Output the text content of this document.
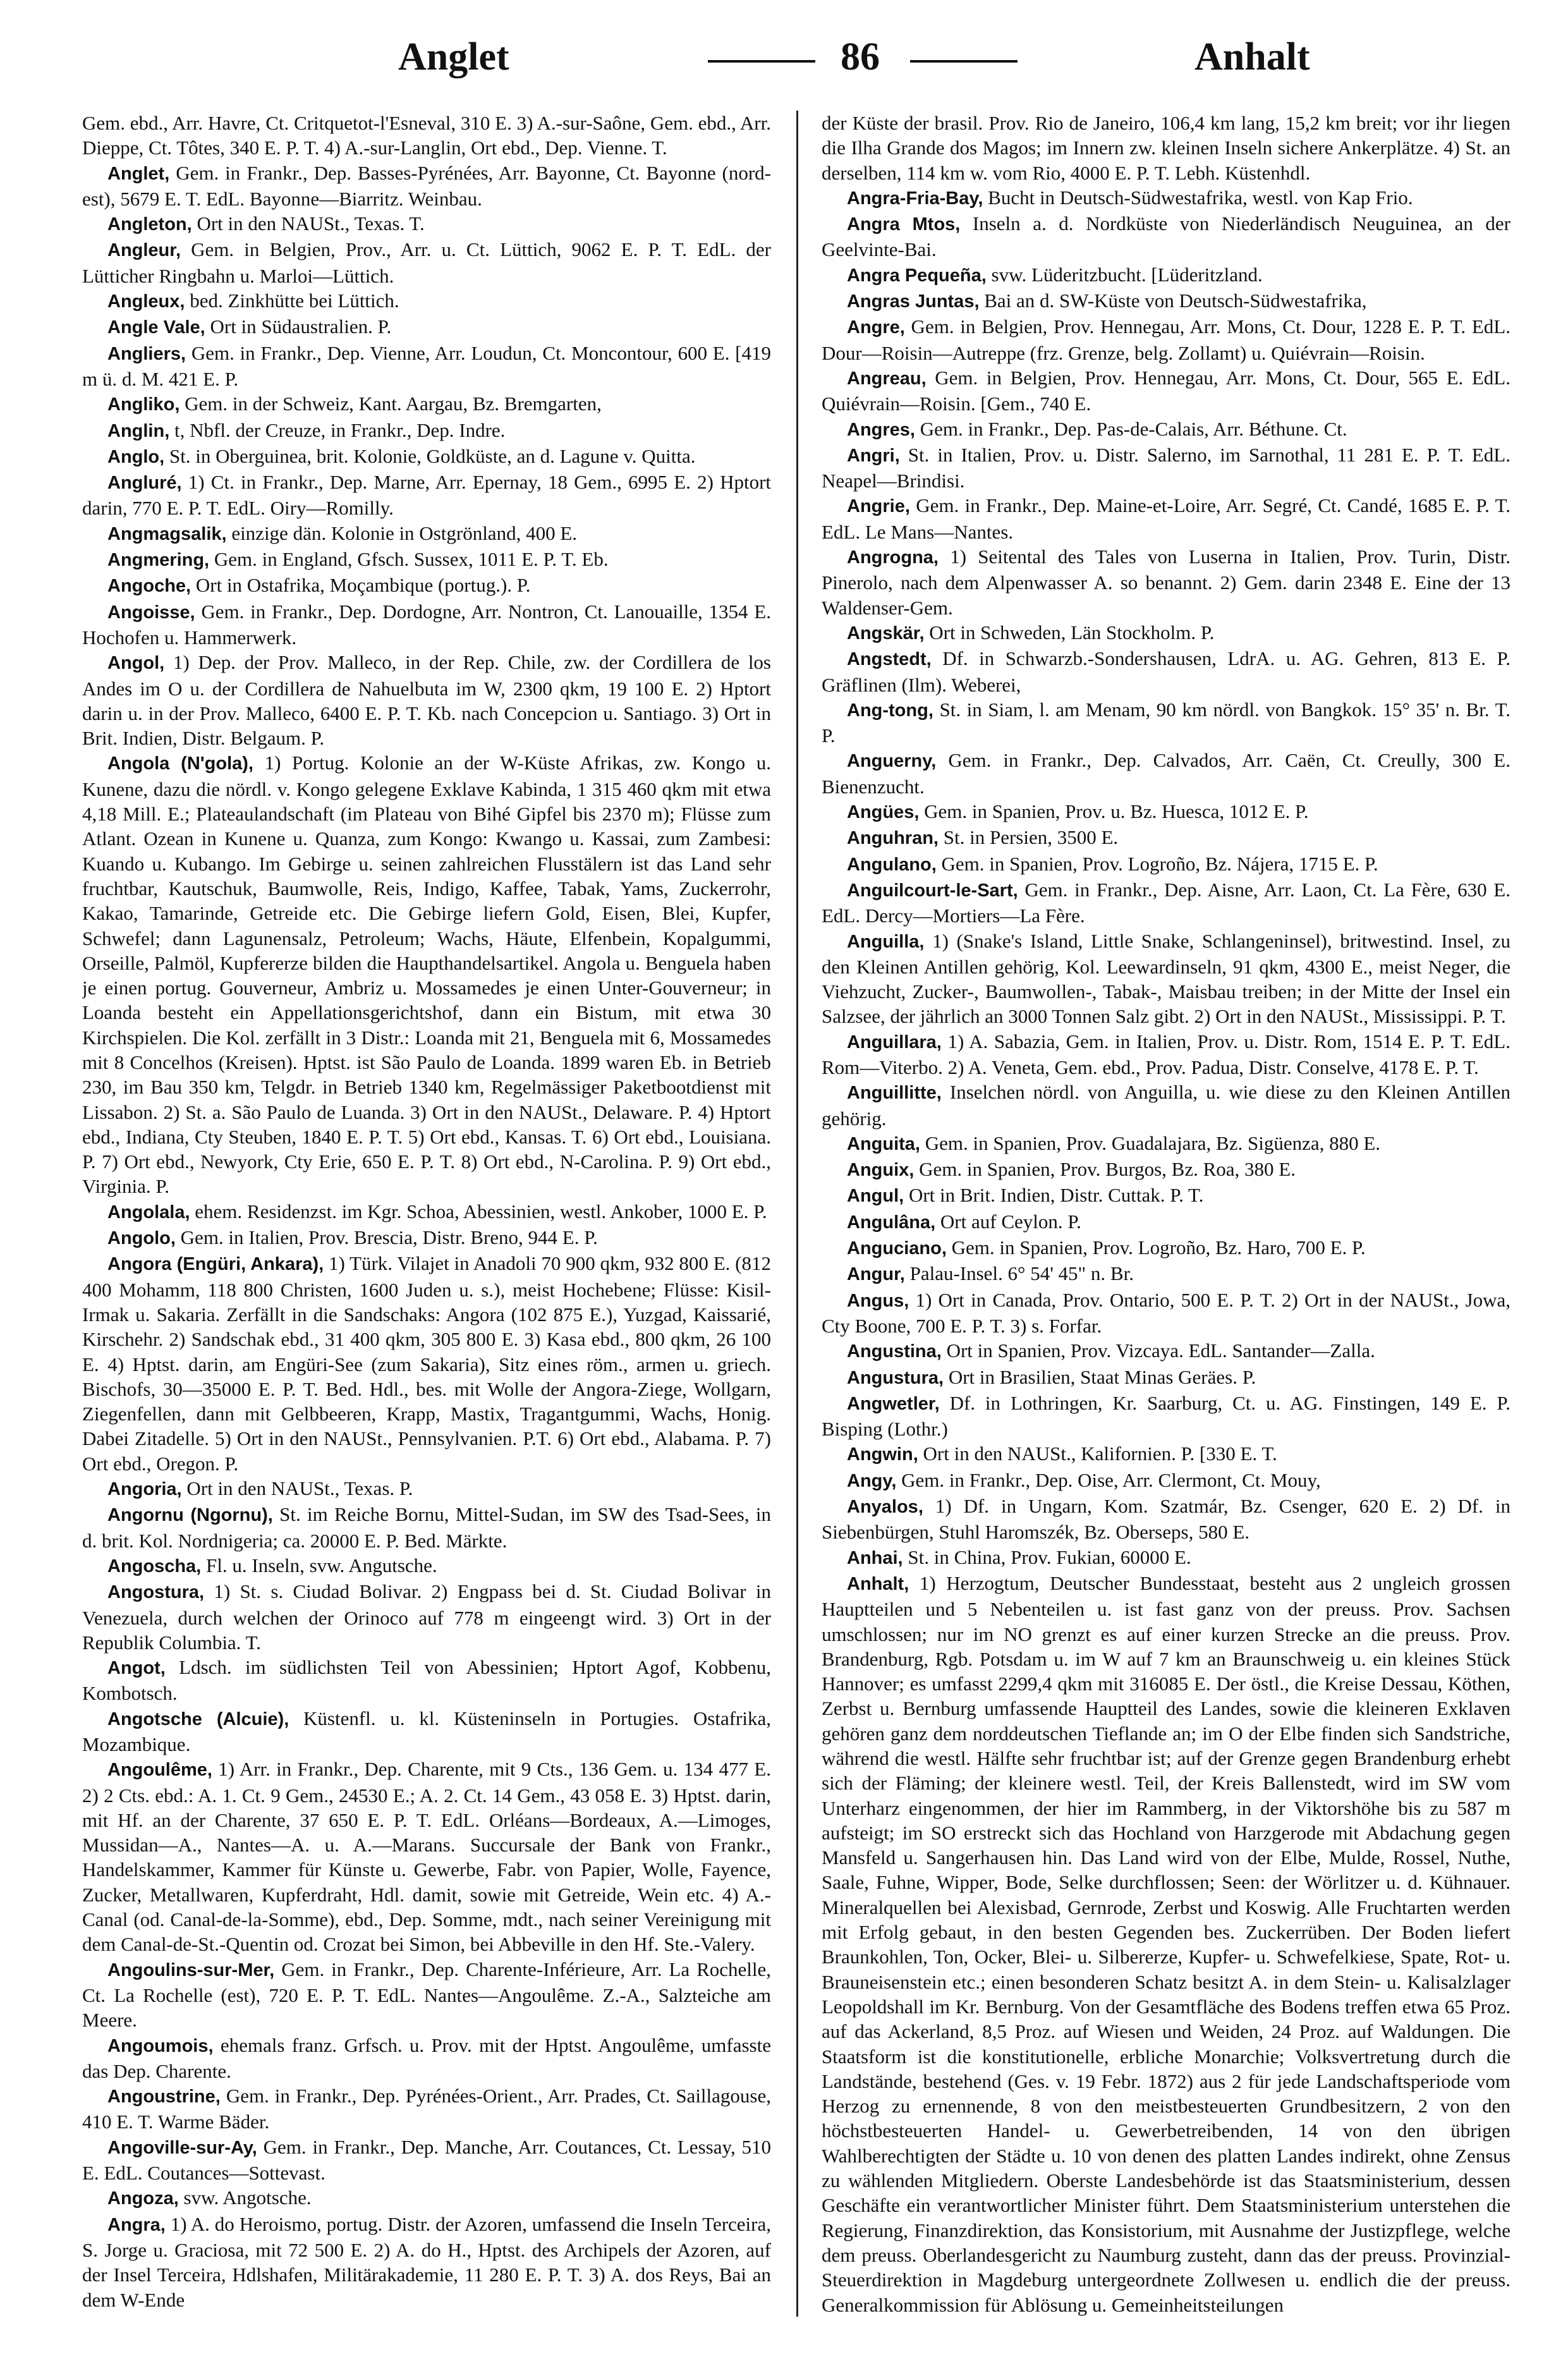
Anglet	86	Anhalt

Gem. ebd., Arr. Havre, Ct. Critquetot-l'Esneval, 310 E. 3) A.-sur-Saône, Gem. ebd., Arr. Dieppe, Ct. Tôtes, 340 E. P. T. 4) A.-sur-Langlin, Ort ebd., Dep. Vienne. T.

Anglet, Gem. in Frankr., Dep. Basses-Pyrénées, Arr. Bayonne, Ct. Bayonne (nord-est), 5679 E. T. EdL. Bayonne—Biarritz. Weinbau.

Angleton, Ort in den NAUSt., Texas. T.

Angleur, Gem. in Belgien, Prov., Arr. u. Ct. Lüttich, 9062 E. P. T. EdL. der Lütticher Ringbahn u. Marloi—Lüttich.

Angleux, bed. Zinkhütte bei Lüttich.

Angle Vale, Ort in Südaustralien. P.

Angliers, Gem. in Frankr., Dep. Vienne, Arr. Loudun, Ct. Moncontour, 600 E. [419 m ü. d. M. 421 E. P.

Angliko, Gem. in der Schweiz, Kant. Aargau, Bz. Bremgarten,

Anglin, t, Nbfl. der Creuze, in Frankr., Dep. Indre.

Anglo, St. in Oberguinea, brit. Kolonie, Goldküste, an d. Lagune v. Quitta.

Angluré, 1) Ct. in Frankr., Dep. Marne, Arr. Epernay, 18 Gem., 6995 E. 2) Hptort darin, 770 E. P. T. EdL. Oiry—Romilly.

Angmagsalik, einzige dän. Kolonie in Ostgrönland, 400 E.

Angmering, Gem. in England, Gfsch. Sussex, 1011 E. P. T. Eb.

Angoche, Ort in Ostafrika, Moçambique (portug.). P.

Angoisse, Gem. in Frankr., Dep. Dordogne, Arr. Nontron, Ct. Lanouaille, 1354 E. Hochofen u. Hammerwerk.

Angol, 1) Dep. der Prov. Malleco, in der Rep. Chile, zw. der Cordillera de los Andes im O u. der Cordillera de Nahuelbuta im W, 2300 qkm, 19 100 E. 2) Hptort darin u. in der Prov. Malleco, 6400 E. P. T. Kb. nach Concepcion u. Santiago. 3) Ort in Brit. Indien, Distr. Belgaum. P.

Angola (N'gola), 1) Portug. Kolonie an der W-Küste Afrikas, zw. Kongo u. Kunene, dazu die nördl. v. Kongo gelegene Exklave Kabinda, 1 315 460 qkm mit etwa 4,18 Mill. E.; Plateaulandschaft (im Plateau von Bihé Gipfel bis 2370 m); Flüsse zum Atlant. Ozean in Kunene u. Quanza, zum Kongo: Kwango u. Kassai, zum Zambesi: Kuando u. Kubango. Im Gebirge u. seinen zahlreichen Flusstälern ist das Land sehr fruchtbar, Kautschuk, Baumwolle, Reis, Indigo, Kaffee, Tabak, Yams, Zuckerrohr, Kakao, Tamarinde, Getreide etc. Die Gebirge liefern Gold, Eisen, Blei, Kupfer, Schwefel; dann Lagunensalz, Petroleum; Wachs, Häute, Elfenbein, Kopalgummi, Orseille, Palmöl, Kupfererze bilden die Haupthandelsartikel. Angola u. Benguela haben je einen portug. Gouverneur, Ambriz u. Mossamedes je einen Unter-Gouverneur; in Loanda besteht ein Appellationsgerichtshof, dann ein Bistum, mit etwa 30 Kirchspielen. Die Kol. zerfällt in 3 Distr.: Loanda mit 21, Benguela mit 6, Mossamedes mit 8 Concelhos (Kreisen). Hptst. ist São Paulo de Loanda. 1899 waren Eb. in Betrieb 230, im Bau 350 km, Telgdr. in Betrieb 1340 km, Regelmässiger Paketbootdienst mit Lissabon. 2) St. a. São Paulo de Luanda. 3) Ort in den NAUSt., Delaware. P. 4) Hptort ebd., Indiana, Cty Steuben, 1840 E. P. T. 5) Ort ebd., Kansas. T. 6) Ort ebd., Louisiana. P. 7) Ort ebd., Newyork, Cty Erie, 650 E. P. T. 8) Ort ebd., N-Carolina. P. 9) Ort ebd., Virginia. P.

Angolala, ehem. Residenzst. im Kgr. Schoa, Abessinien, westl. Ankober, 1000 E. P.

Angolo, Gem. in Italien, Prov. Brescia, Distr. Breno, 944 E. P.

Angora (Engüri, Ankara), 1) Türk. Vilajet in Anadoli 70 900 qkm, 932 800 E. (812 400 Mohamm, 118 800 Christen, 1600 Juden u. s.), meist Hochebene; Flüsse: Kisil-Irmak u. Sakaria. Zerfällt in die Sandschaks: Angora (102 875 E.), Yuzgad, Kaissarié, Kirschehr. 2) Sandschak ebd., 31 400 qkm, 305 800 E. 3) Kasa ebd., 800 qkm, 26 100 E. 4) Hptst. darin, am Engüri-See (zum Sakaria), Sitz eines röm., armen u. griech. Bischofs, 30—35000 E. P. T. Bed. Hdl., bes. mit Wolle der Angora-Ziege, Wollgarn, Ziegenfellen, dann mit Gelbbeeren, Krapp, Mastix, Tragantgummi, Wachs, Honig. Dabei Zitadelle. 5) Ort in den NAUSt., Pennsylvanien. P.T. 6) Ort ebd., Alabama. P. 7) Ort ebd., Oregon. P.

Angoria, Ort in den NAUSt., Texas. P.

Angornu (Ngornu), St. im Reiche Bornu, Mittel-Sudan, im SW des Tsad-Sees, in d. brit. Kol. Nordnigeria; ca. 20000 E. P. Bed. Märkte.

Angoscha, Fl. u. Inseln, svw. Angutsche.

Angostura, 1) St. s. Ciudad Bolivar. 2) Engpass bei d. St. Ciudad Bolivar in Venezuela, durch welchen der Orinoco auf 778 m eingeengt wird. 3) Ort in der Republik Columbia. T.

Angot, Ldsch. im südlichsten Teil von Abessinien; Hptort Agof, Kobbenu, Kombotsch.

Angotsche (Alcuie), Küstenfl. u. kl. Küsteninseln in Portugies. Ostafrika, Mozambique.

Angoulême, 1) Arr. in Frankr., Dep. Charente, mit 9 Cts., 136 Gem. u. 134 477 E. 2) 2 Cts. ebd.: A. 1. Ct. 9 Gem., 24530 E.; A. 2. Ct. 14 Gem., 43 058 E. 3) Hptst. darin, mit Hf. an der Charente, 37 650 E. P. T. EdL. Orléans—Bordeaux, A.—Limoges, Mussidan—A., Nantes—A. u. A.—Marans. Succursale der Bank von Frankr., Handelskammer, Kammer für Künste u. Gewerbe, Fabr. von Papier, Wolle, Fayence, Zucker, Metallwaren, Kupferdraht, Hdl. damit, sowie mit Getreide, Wein etc. 4) A.-Canal (od. Canal-de-la-Somme), ebd., Dep. Somme, mdt., nach seiner Vereinigung mit dem Canal-de-St.-Quentin od. Crozat bei Simon, bei Abbeville in den Hf. Ste.-Valery.

Angoulins-sur-Mer, Gem. in Frankr., Dep. Charente-Inférieure, Arr. La Rochelle, Ct. La Rochelle (est), 720 E. P. T. EdL. Nantes—Angoulême. Z.-A., Salzteiche am Meere.

Angoumois, ehemals franz. Grfsch. u. Prov. mit der Hptst. Angoulême, umfasste das Dep. Charente.

Angoustrine, Gem. in Frankr., Dep. Pyrénées-Orient., Arr. Prades, Ct. Saillagouse, 410 E. T. Warme Bäder.

Angoville-sur-Ay, Gem. in Frankr., Dep. Manche, Arr. Coutances, Ct. Lessay, 510 E. EdL. Coutances—Sottevast.

Angoza, svw. Angotsche.

Angra, 1) A. do Heroismo, portug. Distr. der Azoren, umfassend die Inseln Terceira, S. Jorge u. Graciosa, mit 72 500 E. 2) A. do H., Hptst. des Archipels der Azoren, auf der Insel Terceira, Hdlshafen, Militärakademie, 11 280 E. P. T. 3) A. dos Reys, Bai an dem W-Ende

der Küste der brasil. Prov. Rio de Janeiro, 106,4 km lang, 15,2 km breit; vor ihr liegen die Ilha Grande dos Magos; im Innern zw. kleinen Inseln sichere Ankerplätze. 4) St. an derselben, 114 km w. vom Rio, 4000 E. P. T. Lebh. Küstenhdl.

Angra-Fria-Bay, Bucht in Deutsch-Südwestafrika, westl. von Kap Frio.

Angra Mtos, Inseln a. d. Nordküste von Niederländisch Neuguinea, an der Geelvinte-Bai.

Angra Pequeña, svw. Lüderitzbucht. [Lüderitzland.

Angras Juntas, Bai an d. SW-Küste von Deutsch-Südwestafrika,

Angre, Gem. in Belgien, Prov. Hennegau, Arr. Mons, Ct. Dour, 1228 E. P. T. EdL. Dour—Roisin—Autreppe (frz. Grenze, belg. Zollamt) u. Quiévrain—Roisin.

Angreau, Gem. in Belgien, Prov. Hennegau, Arr. Mons, Ct. Dour, 565 E. EdL. Quiévrain—Roisin. [Gem., 740 E.

Angres, Gem. in Frankr., Dep. Pas-de-Calais, Arr. Béthune. Ct.

Angri, St. in Italien, Prov. u. Distr. Salerno, im Sarnothal, 11 281 E. P. T. EdL. Neapel—Brindisi.

Angrie, Gem. in Frankr., Dep. Maine-et-Loire, Arr. Segré, Ct. Candé, 1685 E. P. T. EdL. Le Mans—Nantes.

Angrogna, 1) Seitental des Tales von Luserna in Italien, Prov. Turin, Distr. Pinerolo, nach dem Alpenwasser A. so benannt. 2) Gem. darin 2348 E. Eine der 13 Waldenser-Gem.

Angskär, Ort in Schweden, Län Stockholm. P.

Angstedt, Df. in Schwarzb.-Sondershausen, LdrA. u. AG. Gehren, 813 E. P. Gräflinen (Ilm). Weberei,

Ang-tong, St. in Siam, l. am Menam, 90 km nördl. von Bangkok. 15° 35' n. Br. T. P.

Anguerny, Gem. in Frankr., Dep. Calvados, Arr. Caën, Ct. Creully, 300 E. Bienenzucht.

Angües, Gem. in Spanien, Prov. u. Bz. Huesca, 1012 E. P.

Anguhran, St. in Persien, 3500 E.

Angulano, Gem. in Spanien, Prov. Logroño, Bz. Nájera, 1715 E. P.

Anguilcourt-le-Sart, Gem. in Frankr., Dep. Aisne, Arr. Laon, Ct. La Fère, 630 E. EdL. Dercy—Mortiers—La Fère.

Anguilla, 1) (Snake's Island, Little Snake, Schlangeninsel), britwestind. Insel, zu den Kleinen Antillen gehörig, Kol. Leewardinseln, 91 qkm, 4300 E., meist Neger, die Viehzucht, Zucker-, Baumwollen-, Tabak-, Maisbau treiben; in der Mitte der Insel ein Salzsee, der jährlich an 3000 Tonnen Salz gibt. 2) Ort in den NAUSt., Mississippi. P. T.

Anguillara, 1) A. Sabazia, Gem. in Italien, Prov. u. Distr. Rom, 1514 E. P. T. EdL. Rom—Viterbo. 2) A. Veneta, Gem. ebd., Prov. Padua, Distr. Conselve, 4178 E. P. T.

Anguillitte, Inselchen nördl. von Anguilla, u. wie diese zu den Kleinen Antillen gehörig.

Anguita, Gem. in Spanien, Prov. Guadalajara, Bz. Sigüenza, 880 E.

Anguix, Gem. in Spanien, Prov. Burgos, Bz. Roa, 380 E.

Angul, Ort in Brit. Indien, Distr. Cuttak. P. T.

Angulâna, Ort auf Ceylon. P.

Anguciano, Gem. in Spanien, Prov. Logroño, Bz. Haro, 700 E. P.

Angur, Palau-Insel. 6° 54' 45" n. Br.

Angus, 1) Ort in Canada, Prov. Ontario, 500 E. P. T. 2) Ort in der NAUSt., Jowa, Cty Boone, 700 E. P. T. 3) s. Forfar.

Angustina, Ort in Spanien, Prov. Vizcaya. EdL. Santander—Zalla.

Angustura, Ort in Brasilien, Staat Minas Geräes. P.

Angwetler, Df. in Lothringen, Kr. Saarburg, Ct. u. AG. Finstingen, 149 E. P. Bisping (Lothr.)

Angwin, Ort in den NAUSt., Kalifornien. P. [330 E. T.

Angy, Gem. in Frankr., Dep. Oise, Arr. Clermont, Ct. Mouy,

Anyalos, 1) Df. in Ungarn, Kom. Szatmár, Bz. Csenger, 620 E. 2) Df. in Siebenbürgen, Stuhl Haromszék, Bz. Oberseps, 580 E.

Anhai, St. in China, Prov. Fukian, 60000 E.

Anhalt, 1) Herzogtum, Deutscher Bundesstaat, besteht aus 2 ungleich grossen Hauptteilen und 5 Nebenteilen u. ist fast ganz von der preuss. Prov. Sachsen umschlossen; nur im NO grenzt es auf einer kurzen Strecke an die preuss. Prov. Brandenburg, Rgb. Potsdam u. im W auf 7 km an Braunschweig u. ein kleines Stück Hannover; es umfasst 2299,4 qkm mit 316085 E. Der östl., die Kreise Dessau, Köthen, Zerbst u. Bernburg umfassende Hauptteil des Landes, sowie die kleineren Exklaven gehören ganz dem norddeutschen Tieflande an; im O der Elbe finden sich Sandstriche, während die westl. Hälfte sehr fruchtbar ist; auf der Grenze gegen Brandenburg erhebt sich der Fläming; der kleinere westl. Teil, der Kreis Ballenstedt, wird im SW vom Unterharz eingenommen, der hier im Rammberg, in der Viktorshöhe bis zu 587 m aufsteigt; im SO erstreckt sich das Hochland von Harzgerode mit Abdachung gegen Mansfeld u. Sangerhausen hin. Das Land wird von der Elbe, Mulde, Rossel, Nuthe, Saale, Fuhne, Wipper, Bode, Selke durchflossen; Seen: der Wörlitzer u. d. Kühnauer. Mineralquellen bei Alexisbad, Gernrode, Zerbst und Koswig. Alle Fruchtarten werden mit Erfolg gebaut, in den besten Gegenden bes. Zuckerrüben. Der Boden liefert Braunkohlen, Ton, Ocker, Blei- u. Silbererze, Kupfer- u. Schwefelkiese, Spate, Rot- u. Brauneisenstein etc.; einen besonderen Schatz besitzt A. in dem Stein- u. Kalisalzlager Leopoldshall im Kr. Bernburg. Von der Gesamtfläche des Bodens treffen etwa 65 Proz. auf das Ackerland, 8,5 Proz. auf Wiesen und Weiden, 24 Proz. auf Waldungen. Die Staatsform ist die konstitutionelle, erbliche Monarchie; Volksvertretung durch die Landstände, bestehend (Ges. v. 19 Febr. 1872) aus 2 für jede Landschaftsperiode vom Herzog zu ernennende, 8 von den meistbesteuerten Grundbesitzern, 2 von den höchstbesteuerten Handel- u. Gewerbetreibenden, 14 von den übrigen Wahlberechtigten der Städte u. 10 von denen des platten Landes indirekt, ohne Zensus zu wählenden Mitgliedern. Oberste Landesbehörde ist das Staatsministerium, dessen Geschäfte ein verantwortlicher Minister führt. Dem Staatsministerium unterstehen die Regierung, Finanzdirektion, das Konsistorium, mit Ausnahme der Justizpflege, welche dem preuss. Oberlandesgericht zu Naumburg zusteht, dann das der preuss. Provinzial-Steuerdirektion in Magdeburg untergeordnete Zollwesen u. endlich die der preuss. Generalkommission für Ablösung u. Gemeinheitsteilungen
